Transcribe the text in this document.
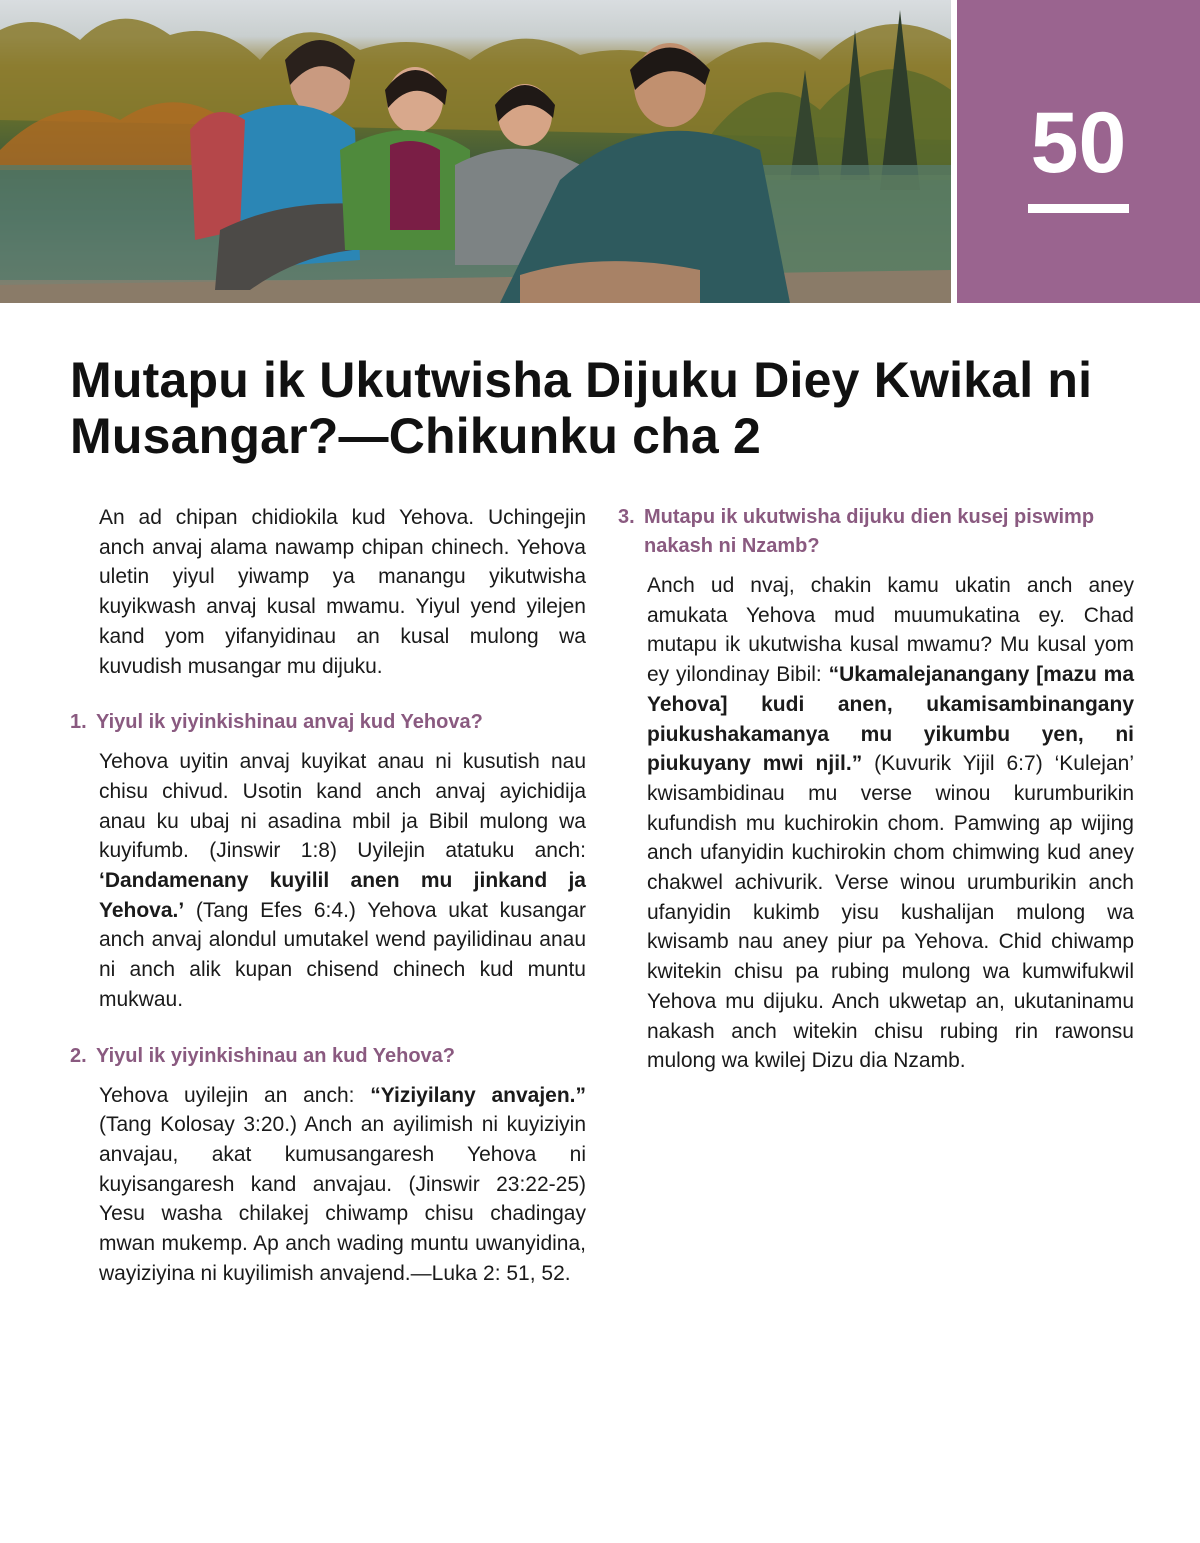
50
Mutapu ik Ukutwisha Dijuku Diey Kwikal ni Musangar?—Chikunku cha 2

An ad chipan chidiokila kud Yehova. Uchingejin anch anvaj alama nawamp chipan chinech. Yehova uletin yiyul yiwamp ya manangu yikutwisha kuyikwash anvaj kusal mwamu. Yiyul yend yilejen kand yom yifanyidinau an kusal mulong wa kuvudish musangar mu dijuku.

1. Yiyul ik yiyinkishinau anvaj kud Yehova?

Yehova uyitin anvaj kuyikat anau ni kusutish nau chisu chivud. Usotin kand anch anvaj ayichidija anau ku ubaj ni asadina mbil ja Bibil mulong wa kuyifumb. (Jinswir 1:8) Uyilejin atatuku anch: ‘Dandamenany kuyilil anen mu jinkand ja Yehova.’ (Tang Efes 6:4.) Yehova ukat kusangar anch anvaj alondul umutakel wend payilidinau anau ni anch alik kupan chisend chinech kud muntu mukwau.

2. Yiyul ik yiyinkishinau an kud Yehova?

Yehova uyilejin an anch: “Yiziyilany anvajen.” (Tang Kolosay 3:20.) Anch an ayilimish ni kuyiziyin anvajau, akat kumusangaresh Yehova ni kuyisangaresh kand anvajau. (Jinswir 23:22-25) Yesu washa chilakej chiwamp chisu chadingay mwan mukemp. Ap anch wading muntu uwanyidina, wayiziyina ni kuyilimish anvajend.—Luka 2: 51, 52.

3. Mutapu ik ukutwisha dijuku dien kusej piswimp nakash ni Nzamb?

Anch ud nvaj, chakin kamu ukatin anch aney amukata Yehova mud muumukatina ey. Chad mutapu ik ukutwisha kusal mwamu? Mu kusal yom ey yilondinay Bibil: “Ukamalejanangany [mazu ma Yehova] kudi anen, ukamisambinangany piukushakamanya mu yikumbu yen, ni piukuyany mwi njil.” (Kuvurik Yijil 6:7) ‘Kulejan’ kwisambidinau mu verse winou kurumburikin kufundish mu kuchirokin chom. Pamwing ap wijing anch ufanyidin kuchirokin chom chimwing kud aney chakwel achivurik. Verse winou urumburikin anch ufanyidin kukimb yisu kushalijan mulong wa kwisamb nau aney piur pa Yehova. Chid chiwamp kwitekin chisu pa rubing mulong wa kumwifukwil Yehova mu dijuku. Anch ukwetap an, ukutaninamu nakash anch witekin chisu rubing rin rawonsu mulong wa kwilej Dizu dia Nzamb.
